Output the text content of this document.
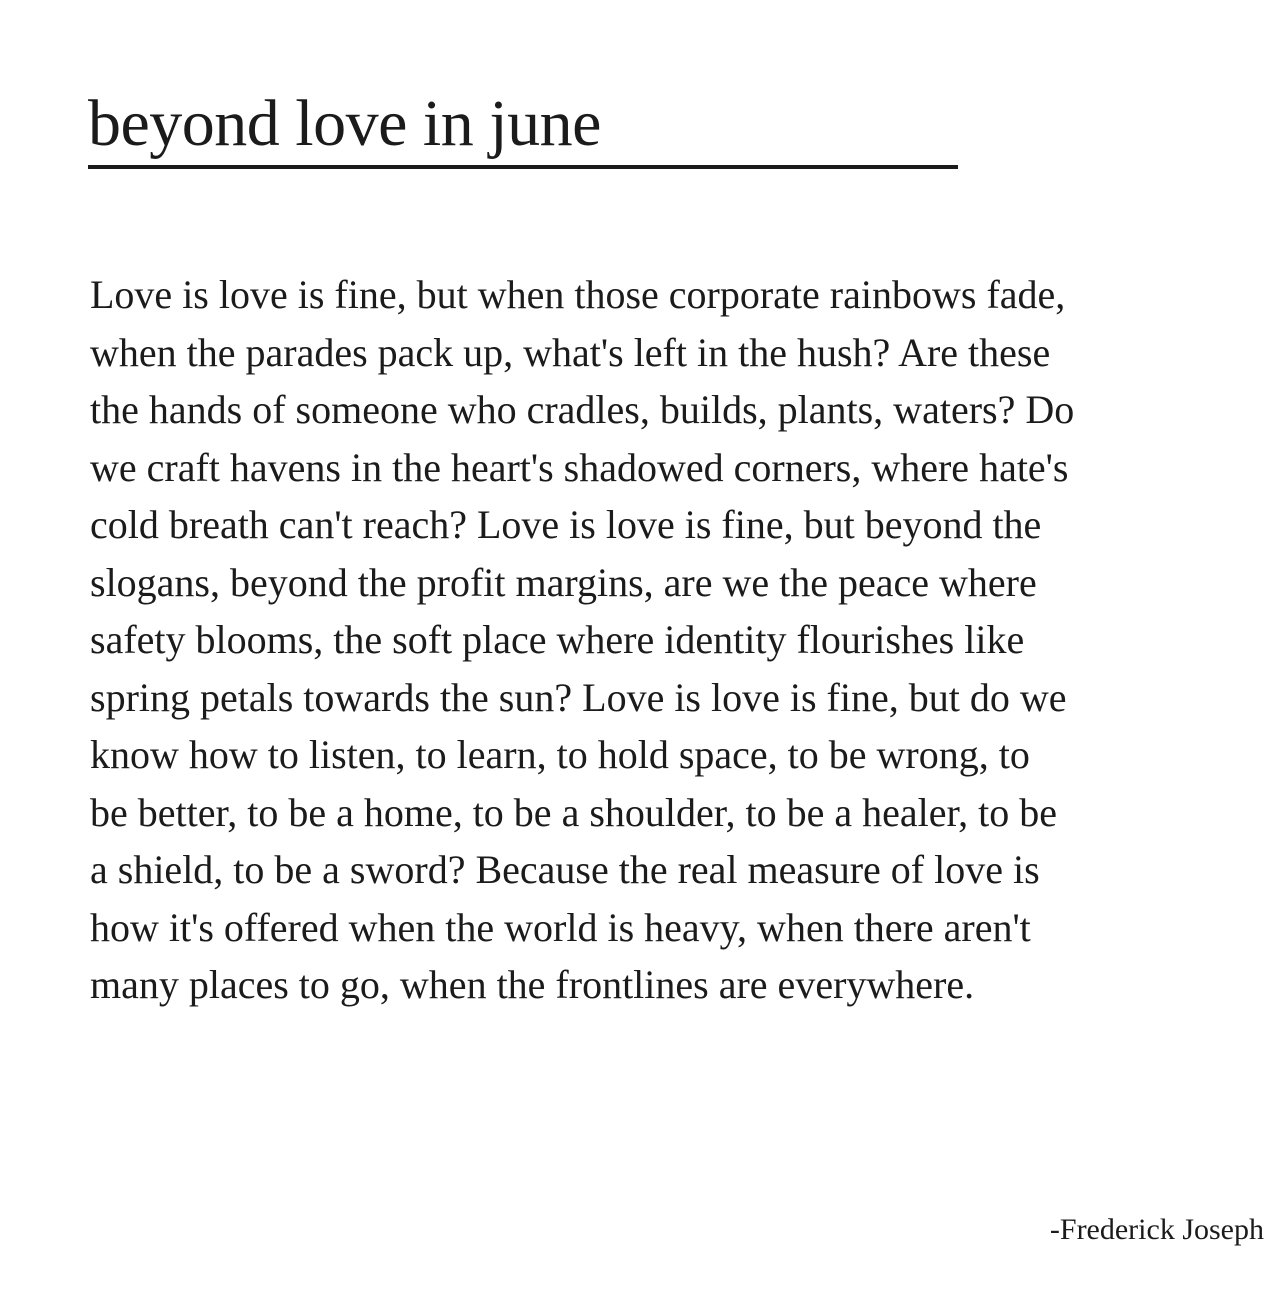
beyond love in june

Love is love is fine, but when those corporate rainbows fade,
when the parades pack up, what's left in the hush? Are these
the hands of someone who cradles, builds, plants, waters? Do
we craft havens in the heart's shadowed corners, where hate's
cold breath can't reach? Love is love is fine, but beyond the
slogans, beyond the profit margins, are we the peace where
safety blooms, the soft place where identity flourishes like
spring petals towards the sun? Love is love is fine, but do we
know how to listen, to learn, to hold space, to be wrong, to
be better, to be a home, to be a shoulder, to be a healer, to be
a shield, to be a sword? Because the real measure of love is
how it's offered when the world is heavy, when there aren't
many places to go, when the frontlines are everywhere.

-Frederick Joseph
